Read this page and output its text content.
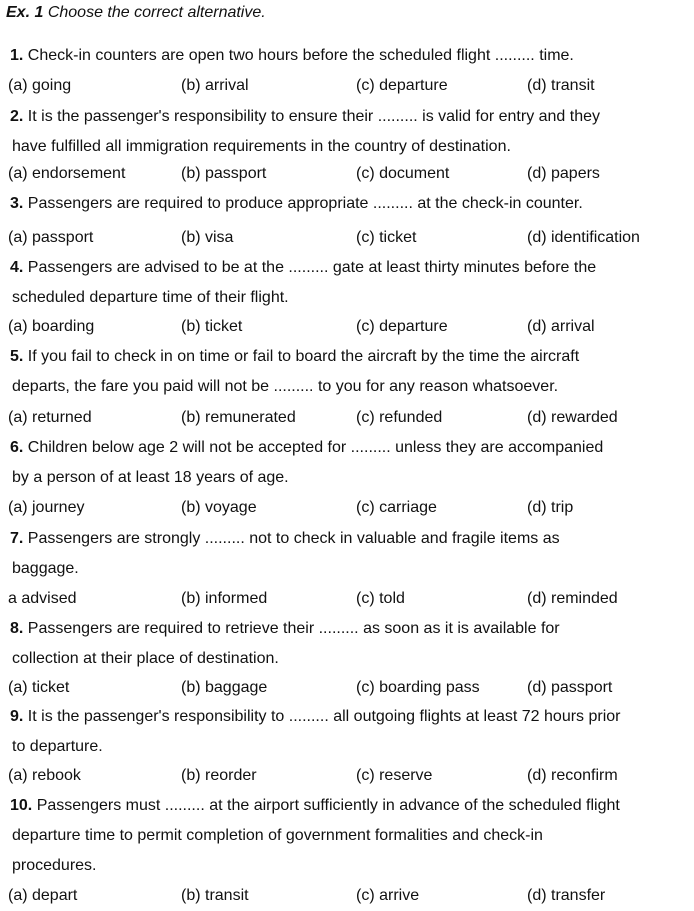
Ex. 1 Choose the correct alternative.
1. Check-in counters are open two hours before the scheduled flight ......... time.
(a) going	(b) arrival	(c) departure	(d) transit
2. It is the passenger's responsibility to ensure their ......... is valid for entry and they
have fulfilled all immigration requirements in the country of destination.
(a) endorsement	(b) passport	(c) document	(d) papers
3. Passengers are required to produce appropriate ......... at the check-in counter.
(a) passport	(b) visa	(c) ticket	(d) identification
4. Passengers are advised to be at the ......... gate at least thirty minutes before the
scheduled departure time of their flight.
(a) boarding	(b) ticket	(c) departure	(d) arrival
5. If you fail to check in on time or fail to board the aircraft by the time the aircraft
departs, the fare you paid will not be ......... to you for any reason whatsoever.
(a) returned	(b) remunerated	(c) refunded	(d) rewarded
6. Children below age 2 will not be accepted for ......... unless they are accompanied
by a person of at least 18 years of age.
(a) journey	(b) voyage	(c) carriage	(d) trip
7. Passengers are strongly ......... not to check in valuable and fragile items as
baggage.
a advised	(b) informed	(c) told	(d) reminded
8. Passengers are required to retrieve their ......... as soon as it is available for
collection at their place of destination.
(a) ticket	(b) baggage	(c) boarding pass	(d) passport
9. It is the passenger's responsibility to ......... all outgoing flights at least 72 hours prior
to departure.
(a) rebook	(b) reorder	(c) reserve	(d) reconfirm
10. Passengers must ......... at the airport sufficiently in advance of the scheduled flight
departure time to permit completion of government formalities and check-in
procedures.
(a) depart	(b) transit	(c) arrive	(d) transfer
